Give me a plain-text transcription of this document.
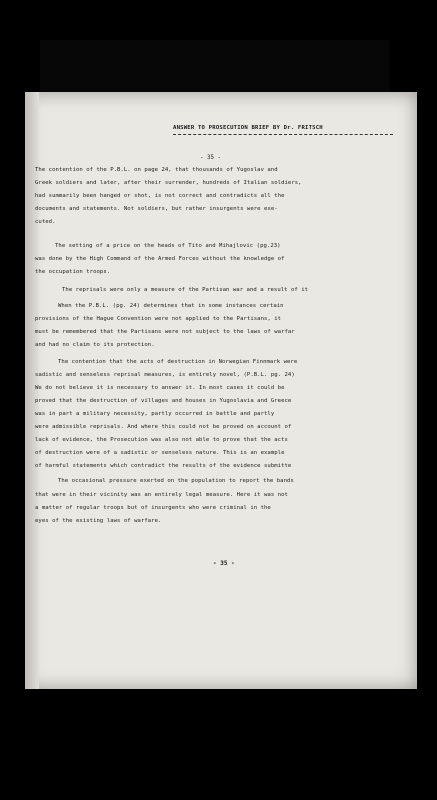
ANSWER TO PROSECUTION BRIEF BY Dr. FRITSCH
- 35 -
The contention of the P.B.L. on page 24, that thousands of Yugoslav and
Greek soldiers and later, after their surrender, hundreds of Italian soldiers,
had summarily been hanged or shot, is not correct and contradicts all the
documents and statements. Not soldiers, but rather insurgents were exe-
cuted.
The setting of a price on the heads of Tito and Mihajlovic (pg.23)
was done by the High Command of the Armed Forces without the knowledge of
the occupation troops.
The reprisals were only a measure of the Partisan war and a result of it
When the P.B.L. (pg. 24) determines that in some instances certain
provisions of the Hague Convention were not applied to the Partisans, it
must be remembered that the Partisans were not subject to the laws of warfar
and had no claim to its protection.
The contention that the acts of destruction in Norwegian Finnmark were
sadistic and senseless reprisal measures, is entirely novel, (P.B.L. pg. 24)
We do not believe it is necessary to answer it. In most cases it could be
proved that the destruction of villages and houses in Yugoslavia and Greece
was in part a military necessity, partly occurred in battle and partly
were admissible reprisals. And where this could not be proved on account of
lack of evidence, the Prosecution was also not able to prove that the acts
of destruction were of a sadistic or senseless nature. This is an example
of harmful statements which contradict the results of the evidence submitte
The occasional pressure exerted on the population to report the bands
that were in their vicinity was an entirely legal measure. Here it was not
a matter of regular troops but of insurgents who were criminal in the
eyes of the existing laws of warfare.
- 35 -
